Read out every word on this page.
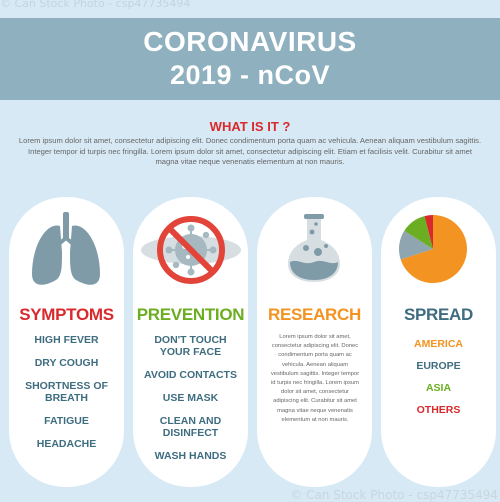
© Can Stock Photo - csp47735494
CORONAVIRUS
2019 - nCoV
WHAT IS IT ?
Lorem ipsum dolor sit amet, consectetur adipiscing elit. Donec condimentum porta quam ac vehicula. Aenean aliquam vestibulum sagittis. Integer tempor id turpis nec fringilla. Lorem ipsum dolor sit amet, consectetur adipiscing elit. Etiam et facilisis velit. Curabitur sit amet magna vitae neque venenatis elementum at non mauris.
SYMPTOMS
HIGH FEVER
DRY COUGH
SHORTNESS OF BREATH
FATIGUE
HEADACHE
PREVENTION
DON'T TOUCH YOUR FACE
AVOID CONTACTS
USE MASK
CLEAN AND DISINFECT
WASH HANDS
RESEARCH
Lorem ipsum dolor sit amet, consectetur adipiscing elit. Donec condimentum porta quam ac vehicula. Aenean aliquam vestibulum sagittis. Integer tempor id turpis nec fringilla. Lorem ipsum dolor sit amet, consectetur adipiscing elit. Curabitur sit amet magna vitae neque venenatis elementum at non mauris.
SPREAD
AMERICA
EUROPE
ASIA
OTHERS
© Can Stock Photo - csp47735494
